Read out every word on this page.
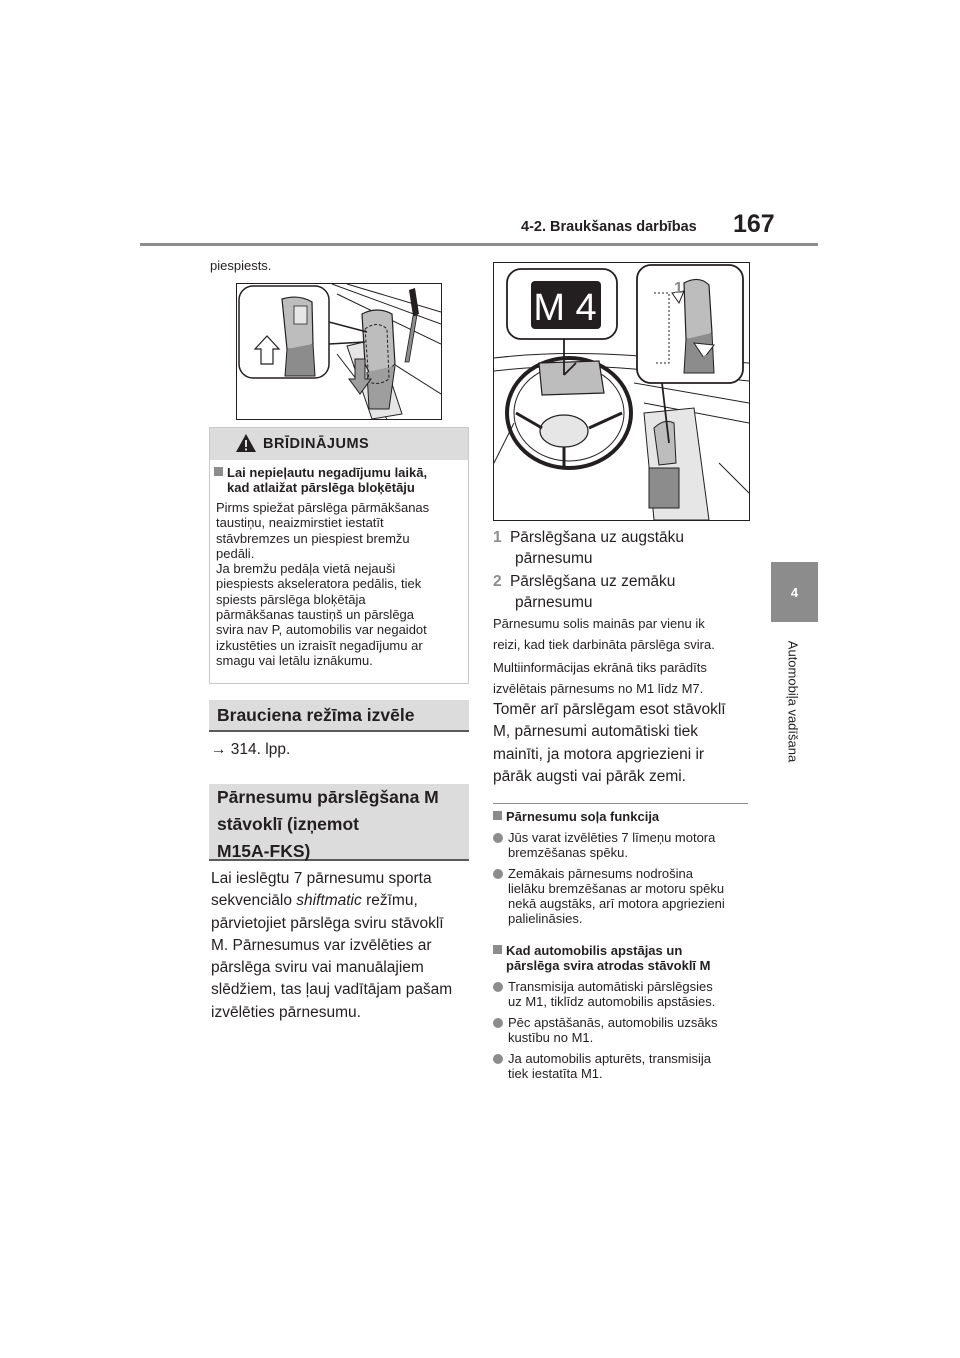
4-2. Braukšanas darbības 167
4
Automobiļa vadīšana
piespiests.
BRĪDINĀJUMS
Lai nepieļautu negadījumu laikā,
kad atlaižat pārslēga bloķētāju
Pirms spiežat pārslēga pārmākšanas
taustiņu, neaizmirstiet iestatīt
stāvbremzes un piespiest bremžu
pedāli.
Ja bremžu pedāļa vietā nejauši
piespiests akseleratora pedālis, tiek
spiests pārslēga bloķētāja
pārmākšanas taustiņš un pārslēga
svira nav P, automobilis var negaidot
izkustēties un izraisīt negadījumu ar
smagu vai letālu iznākumu.
Brauciena režīma izvēle
→ 314. lpp.
Pārnesumu pārslēgšana M
stāvoklī (izņemot
M15A-FKS)
Lai ieslēgtu 7 pārnesumu sporta
sekvenciālo shiftmatic režīmu,
pārvietojiet pārslēga sviru stāvoklī
M. Pārnesumus var izvēlēties ar
pārslēga sviru vai manuālajiem
slēdžiem, tas ļauj vadītājam pašam
izvēlēties pārnesumu.
M 4	1
2
1 Pārslēgšana uz augstāku
pārnesumu
2 Pārslēgšana uz zemāku
pārnesumu
Pārnesumu solis mainās par vienu ik
reizi, kad tiek darbināta pārslēga svira.
Multiinformācijas ekrānā tiks parādīts
izvēlētais pārnesums no M1 līdz M7.
Tomēr arī pārslēgam esot stāvoklī
M, pārnesumi automātiski tiek
mainīti, ja motora apgriezieni ir
pārāk augsti vai pārāk zemi.
Pārnesumu soļa funkcija
Jūs varat izvēlēties 7 līmeņu motora
bremzēšanas spēku.
Zemākais pārnesums nodrošina
lielāku bremzēšanas ar motoru spēku
nekā augstāks, arī motora apgriezieni
palielināsies.
Kad automobilis apstājas un
pārslēga svira atrodas stāvoklī M
Transmisija automātiski pārslēgsies
uz M1, tiklīdz automobilis apstāsies.
Pēc apstāšanās, automobilis uzsāks
kustību no M1.
Ja automobilis apturēts, transmisija
tiek iestatīta M1.
